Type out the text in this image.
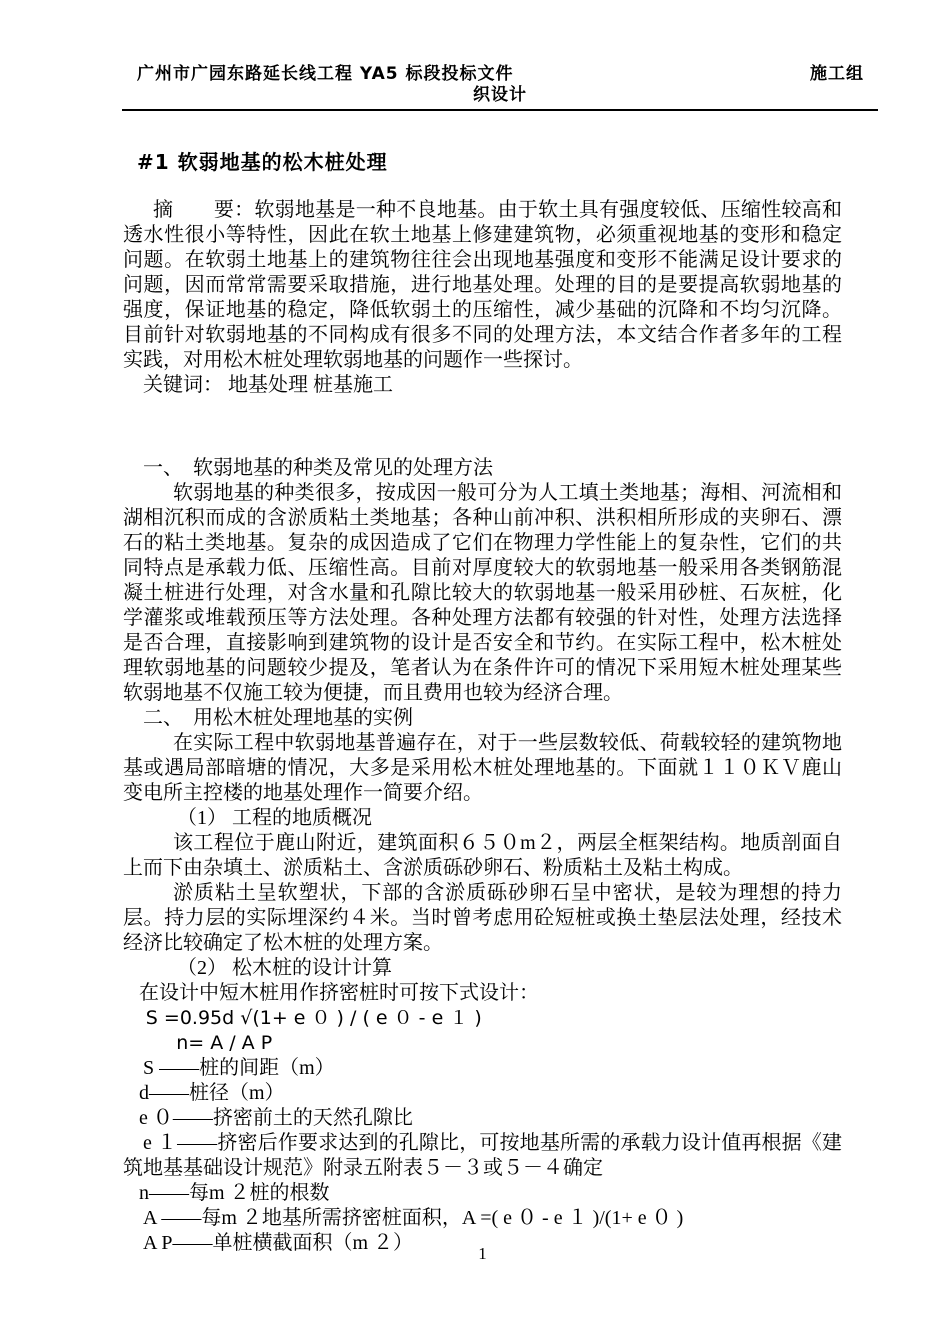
广州市广园东路延长线工程 YA5 标段投标文件	施工组
织设计
#1 软弱地基的松木桩处理

摘　　要：软弱地基是一种不良地基。由于软土具有强度较低、压缩性较高和透水性很小等特性，因此在软土地基上修建建筑物，必须重视地基的变形和稳定问题。在软弱土地基上的建筑物往往会出现地基强度和变形不能满足设计要求的问题，因而常常需要采取措施，进行地基处理。处理的目的是要提高软弱地基的强度，保证地基的稳定，降低软弱土的压缩性，减少基础的沉降和不均匀沉降。目前针对软弱地基的不同构成有很多不同的处理方法，本文结合作者多年的工程实践，对用松木桩处理软弱地基的问题作一些探讨。

关键词： 地基处理 桩基施工

一、　软弱地基的种类及常见的处理方法

软弱地基的种类很多，按成因一般可分为人工填土类地基；海相、河流相和湖相沉积而成的含淤质粘土类地基；各种山前冲积、洪积相所形成的夹卵石、漂石的粘土类地基。复杂的成因造成了它们在物理力学性能上的复杂性，它们的共同特点是承载力低、压缩性高。目前对厚度较大的软弱地基一般采用各类钢筋混凝土桩进行处理，对含水量和孔隙比较大的软弱地基一般采用砂桩、石灰桩，化学灌浆或堆载预压等方法处理。各种处理方法都有较强的针对性，处理方法选择是否合理，直接影响到建筑物的设计是否安全和节约。在实际工程中，松木桩处理软弱地基的问题较少提及，笔者认为在条件许可的情况下采用短木桩处理某些软弱地基不仅施工较为便捷，而且费用也较为经济合理。

二、　用松木桩处理地基的实例

在实际工程中软弱地基普遍存在，对于一些层数较低、荷载较轻的建筑物地基或遇局部暗塘的情况，大多是采用松木桩处理地基的。下面就１１０ＫＶ鹿山变电所主控楼的地基处理作一简要介绍。

（1） 工程的地质概况

该工程位于鹿山附近，建筑面积６５０m２，两层全框架结构。地质剖面自上而下由杂填土、淤质粘土、含淤质砾砂卵石、粉质粘土及粘土构成。

淤质粘土呈软塑状，下部的含淤质砾砂卵石呈中密状，是较为理想的持力层。持力层的实际埋深约４米。当时曾考虑用砼短桩或换土垫层法处理，经技术经济比较确定了松木桩的处理方案。

（2） 松木桩的设计计算

在设计中短木桩用作挤密桩时可按下式设计：

S =0.95d √(1+ e ０ ) / ( e ０ - e １ )

n= A / A P

S ——桩的间距（m）

d——桩径（m）

e ０——挤密前土的天然孔隙比

e １——挤密后作要求达到的孔隙比，可按地基所需的承载力设计值再根据《建筑地基基础设计规范》附录五附表５－３或５－４确定

n——每m ２桩的根数

A ——每m ２地基所需挤密桩面积，A =( e ０ - e １ )/(1+ e ０ )

A P——单桩横截面积（m ２）	1
